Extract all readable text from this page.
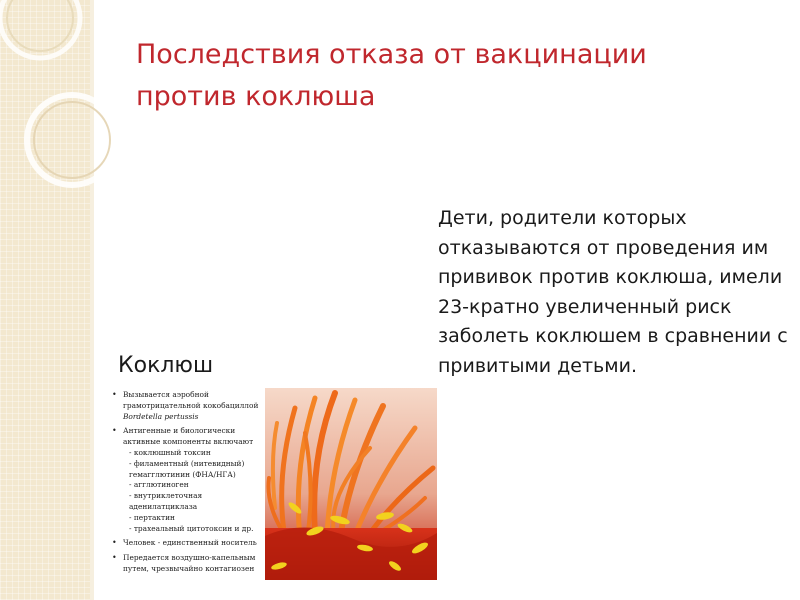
Последствия отказа от вакцинации
против коклюша

Дети, родители которых отказываются от проведения им прививок против коклюша, имели 23-кратно увеличенный риск заболеть коклюшем в сравнении с привитыми детьми.

Коклюш
• Вызывается аэробной
грамотрицательной кокобациллой
Bordetella pertussis
• Антигенные и биологически
активные компоненты включают
- коклюшный токсин
- филаментный (нитевидный)
гемагглютинин (ФНА/НГА)
- агглютиноген
- внутриклеточная
аденилатциклаза
- пертактин
- трахеальный цитотоксин и др.
• Человек - единственный носитель
• Передается воздушно-капельным
путем, чрезвычайно контагиозен
